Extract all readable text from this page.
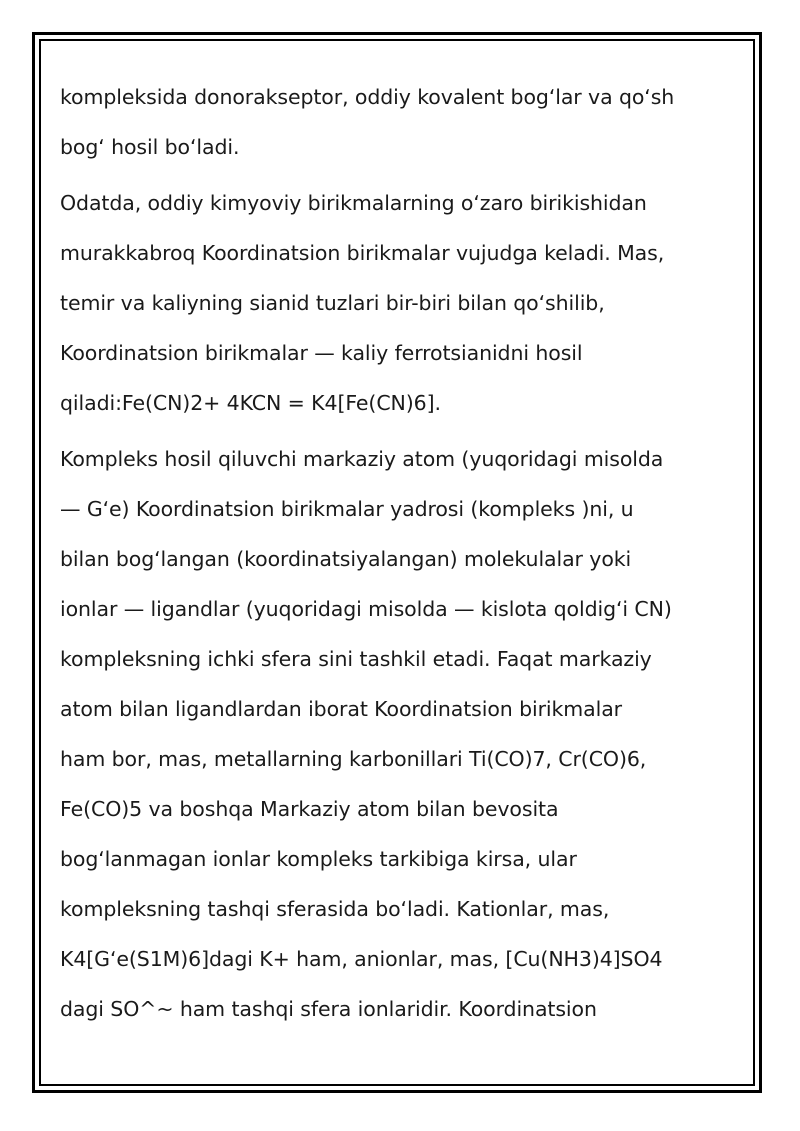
kompleksida donorakseptor, oddiy kovalent bogʻlar va qoʻsh
bogʻ hosil boʻladi.
Odatda, oddiy kimyoviy birikmalarning oʻzaro birikishidan
murakkabroq Koordinatsion birikmalar vujudga keladi. Mas,
temir va kaliyning sianid tuzlari bir-biri bilan qoʻshilib,
Koordinatsion birikmalar — kaliy ferrotsianidni hosil
qiladi:Fe(CN)2+ 4KCN = K4[Fe(CN)6].
Kompleks hosil qiluvchi markaziy atom (yuqoridagi misolda
— Gʻe) Koordinatsion birikmalar yadrosi (kompleks )ni, u
bilan bogʻlangan (koordinatsiyalangan) molekulalar yoki
ionlar — ligandlar (yuqoridagi misolda — kislota qoldigʻi CN)
kompleksning ichki sfera sini tashkil etadi. Faqat markaziy
atom bilan ligandlardan iborat Koordinatsion birikmalar
ham bor, mas, metallarning karbonillari Ti(CO)7, Cr(CO)6,
Fe(CO)5 va boshqa Markaziy atom bilan bevosita
bogʻlanmagan ionlar kompleks tarkibiga kirsa, ular
kompleksning tashqi sferasida boʻladi. Kationlar, mas,
K4[Gʻe(S1M)6]dagi K+ ham, anionlar, mas, [Cu(NH3)4]SO4
dagi SO^~ ham tashqi sfera ionlaridir. Koordinatsion
